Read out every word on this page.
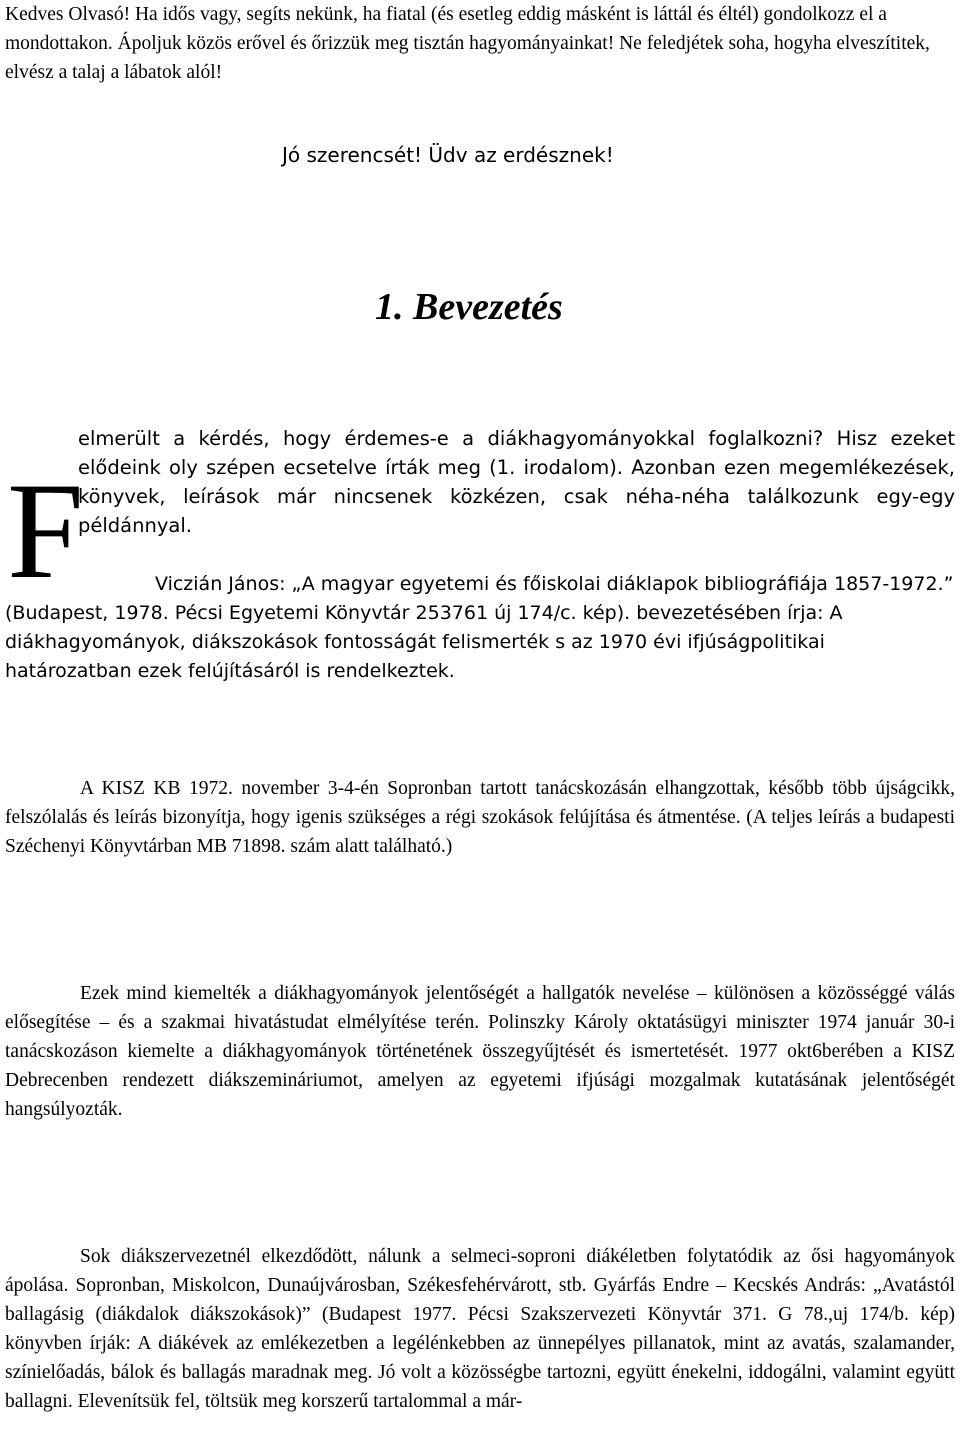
Kedves Olvasó! Ha idős vagy, segíts nekünk, ha fiatal (és esetleg eddig másként is láttál és éltél) gondolkozz el a mondottakon. Ápoljuk közös erővel és őrizzük meg tisztán hagyományainkat! Ne feledjétek soha, hogyha elveszítitek, elvész a talaj a lábatok alól!

Jó szerencsét! Üdv az erdésznek!
1. Bevezetés
F
elmerült a kérdés, hogy érdemes-e a diákhagyományokkal foglalkozni? Hisz ezeket elődeink oly szépen ecsetelve írták meg (1. irodalom). Azonban ezen megemlékezések, könyvek, leírások már nincsenek közkézen, csak néha-néha találkozunk egy-egy példánnyal.

Viczián János: „A magyar egyetemi és főiskolai diáklapok bibliográfiája 1857-1972.” (Budapest, 1978. Pécsi Egyetemi Könyvtár 253761 új 174/c. kép). bevezetésében írja: A diákhagyományok, diákszokások fontosságát felismerték s az 1970 évi ifjúságpolitikai határozatban ezek felújításáról is rendelkeztek.

A KISZ KB 1972. november 3-4-én Sopronban tartott tanácskozásán elhangzottak, később több újságcikk, felszólalás és leírás bizonyítja, hogy igenis szükséges a régi szokások felújítása és átmentése. (A teljes leírás a budapesti Széchenyi Könyvtárban MB 71898. szám alatt található.)

Ezek mind kiemelték a diákhagyományok jelentőségét a hallgatók nevelése – különösen a közösséggé válás elősegítése – és a szakmai hivatástudat elmélyítése terén. Polinszky Károly oktatásügyi miniszter 1974 január 30-i tanácskozáson kiemelte a diákhagyományok történetének összegyűjtését és ismertetését. 1977 okt6berében a KISZ Debrecenben rendezett diákszemináriumot, amelyen az egyetemi ifjúsági mozgalmak kutatásának jelentőségét hangsúlyozták.

Sok diákszervezetnél elkezdődött, nálunk a selmeci-soproni diákéletben folytatódik az ősi hagyományok ápolása. Sopronban, Miskolcon, Dunaújvárosban, Székesfehérvárott, stb. Gyárfás Endre – Kecskés András: „Avatástól ballagásig (diákdalok diákszokások)” (Budapest 1977. Pécsi Szakszervezeti Könyvtár 371. G 78.,uj 174/b. kép) könyvben írják: A diákévek az emlékezetben a legélénkebben az ünnepélyes pillanatok, mint az avatás, szalamander, színielőadás, bálok és ballagás maradnak meg. Jó volt a közösségbe tartozni, együtt énekelni, iddogálni, valamint együtt ballagni. Elevenítsük fel, töltsük meg korszerű tartalommal a már-
